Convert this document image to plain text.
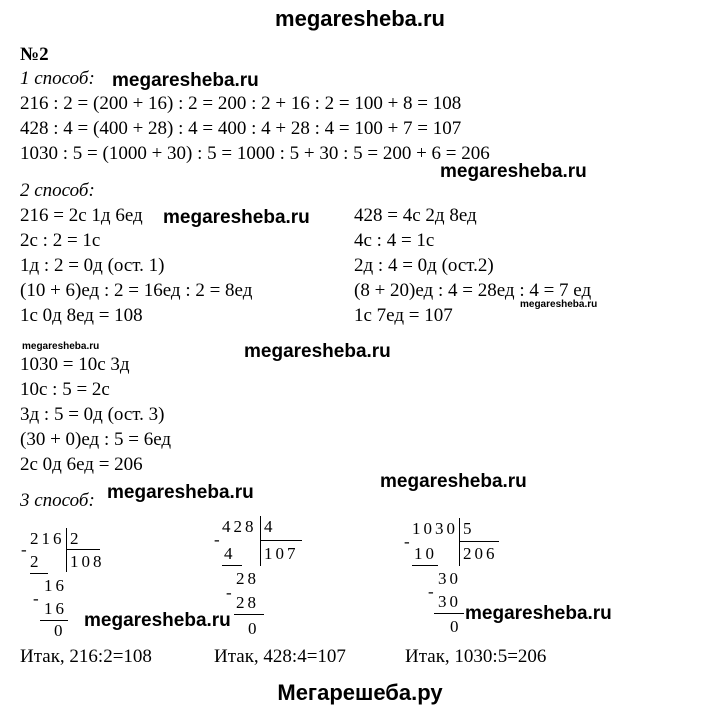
megaresheba.ru
Мегарешеба.ру
№2
1 способ:
216 : 2 = (200 + 16) : 2 = 200 : 2 + 16 : 2 = 100 + 8 = 108
428 : 4 = (400 + 28) : 4 = 400 : 4 + 28 : 4 = 100 + 7 = 107
1030 : 5 = (1000 + 30) : 5 = 1000 : 5 + 30 : 5 = 200 + 6 = 206
2 способ:
216 = 2с 1д 6ед
2с : 2 = 1с
1д : 2 = 0д (ост. 1)
(10 + 6)ед : 2 = 16ед : 2 = 8ед
1с 0д 8ед = 108
428 = 4с 2д 8ед
4с : 4 = 1с
2д : 4 = 0д (ост.2)
(8 + 20)ед : 4 = 28ед : 4 = 7 ед
1с 7ед = 107
1030 = 10с 3д
10с : 5 = 2с
3д : 5 = 0д (ост. 3)
(30 + 0)ед : 5 = 6ед
2с 0д 6ед = 206
3 способ:
216 2
108
-
2
16
-
16
0
428 4
107
-
4
28
-
28
0
1030 5
206
-
10
30
-
30
0
Итак, 216:2=108	Итак, 428:4=107	Итак, 1030:5=206
megaresheba.ru
megaresheba.ru
megaresheba.ru
megaresheba.ru
megaresheba.ru	megaresheba.ru
megaresheba.ru
megaresheba.ru
megaresheba.ru	megaresheba.ru
